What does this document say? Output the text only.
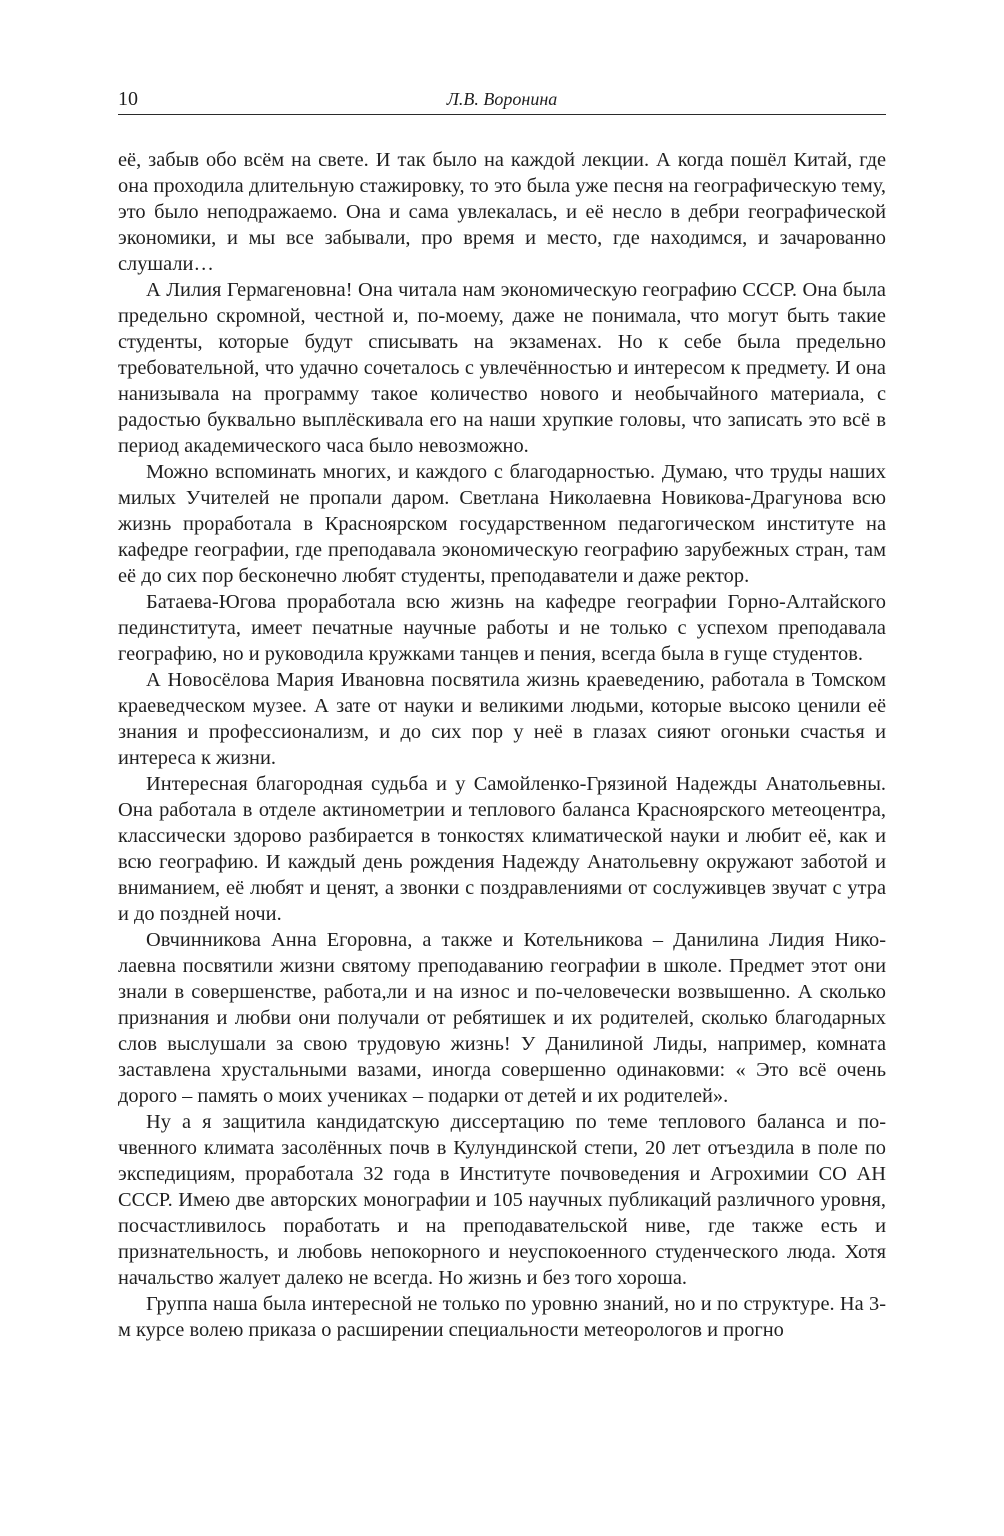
10	Л.В. Воронина

её, забыв обо всём на свете. И так было на каждой лекции. А когда пошёл Китай, где она проходила длительную стажировку, то это была уже песня на географическую тему, это было неподражаемо. Она и сама увлекалась, и её несло в дебри географической экономики, и мы все забывали, про время и место, где находимся, и зачарованно слушали…

А Лилия Гермагеновна! Она читала нам экономическую географию СССР. Она была предельно скромной, честной и, по-моему, даже не понимала, что могут быть такие студенты, которые будут списывать на экзаменах. Но к себе была предельно требовательной, что удачно сочеталось с увлечённостью и интересом к предмету. И она нанизывала на программу такое количество нового и необычайного материала, с радостью буквально выплёскивала его на наши хрупкие головы, что записать это всё в период академического часа было невозможно.

Можно вспоминать многих, и каждого с благодарностью. Думаю, что труды наших милых Учителей не пропали даром. Светлана Николаевна Новикова-Драгунова всю жизнь проработала в Красноярском государственном педагогическом институте на кафедре географии, где преподавала экономическую географию зарубежных стран, там её до сих пор бесконечно любят студенты, преподаватели и даже ректор.

Батаева-Югова проработала всю жизнь на кафедре географии Горно-Алтайского пединститута, имеет печатные научные работы и не только с успехом преподавала географию, но и руководила кружками танцев и пения, всегда была в гуще студентов.

А Новосёлова Мария Ивановна посвятила жизнь краеведению, работала в Томском краеведческом музее. А зате от науки и великими людьми, которые высоко ценили её знания и профессионализм, и до сих пор у неё в глазах сияют огоньки счастья и интереса к жизни.

Интересная благородная судьба и у Самойленко-Грязиной Надежды Анатольевны. Она работала в отделе актинометрии и теплового баланса Красноярского метеоцентра, классически здорово разбирается в тонкостях климатической науки и любит её, как и всю географию. И каждый день рождения Надежду Анатольевну окружают заботой и вниманием, её любят и ценят, а звонки с поздравлениями от сослуживцев звучат с утра и до поздней ночи.

Овчинникова Анна Егоровна, а также и Котельникова – Данилина Лидия Николаевна посвятили жизни святому преподаванию географии в школе. Предмет этот они знали в совершенстве, работа,ли и на износ и по-человечески возвышенно. А сколько признания и любви они получали от ребятишек и их родителей, сколько благодарных слов выслушали за свою трудовую жизнь! У Данилиной Лиды, например, комната заставлена хрустальными вазами, иногда совершенно одинаковми: « Это всё очень дорого – память о моих учениках – подарки от детей и их родителей».

Ну а я защитила кандидатскую диссертацию по теме теплового баланса и почвенного климата засолённых почв в Кулундинской степи, 20 лет отъездила в поле по экспедициям, проработала 32 года в Институте почвоведения и Агрохимии СО АН СССР. Имею две авторских монографии и 105 научных публикаций различного уровня, посчастливилось поработать и на преподавательской ниве, где также есть и признательность, и любовь непокорного и неуспокоенного студенческого люда. Хотя начальство жалует далеко не всегда. Но жизнь и без того хороша.

Группа наша была интересной не только по уровню знаний, но и по структуре. На 3-м курсе волею приказа о расширении специальности метеорологов и прогно
